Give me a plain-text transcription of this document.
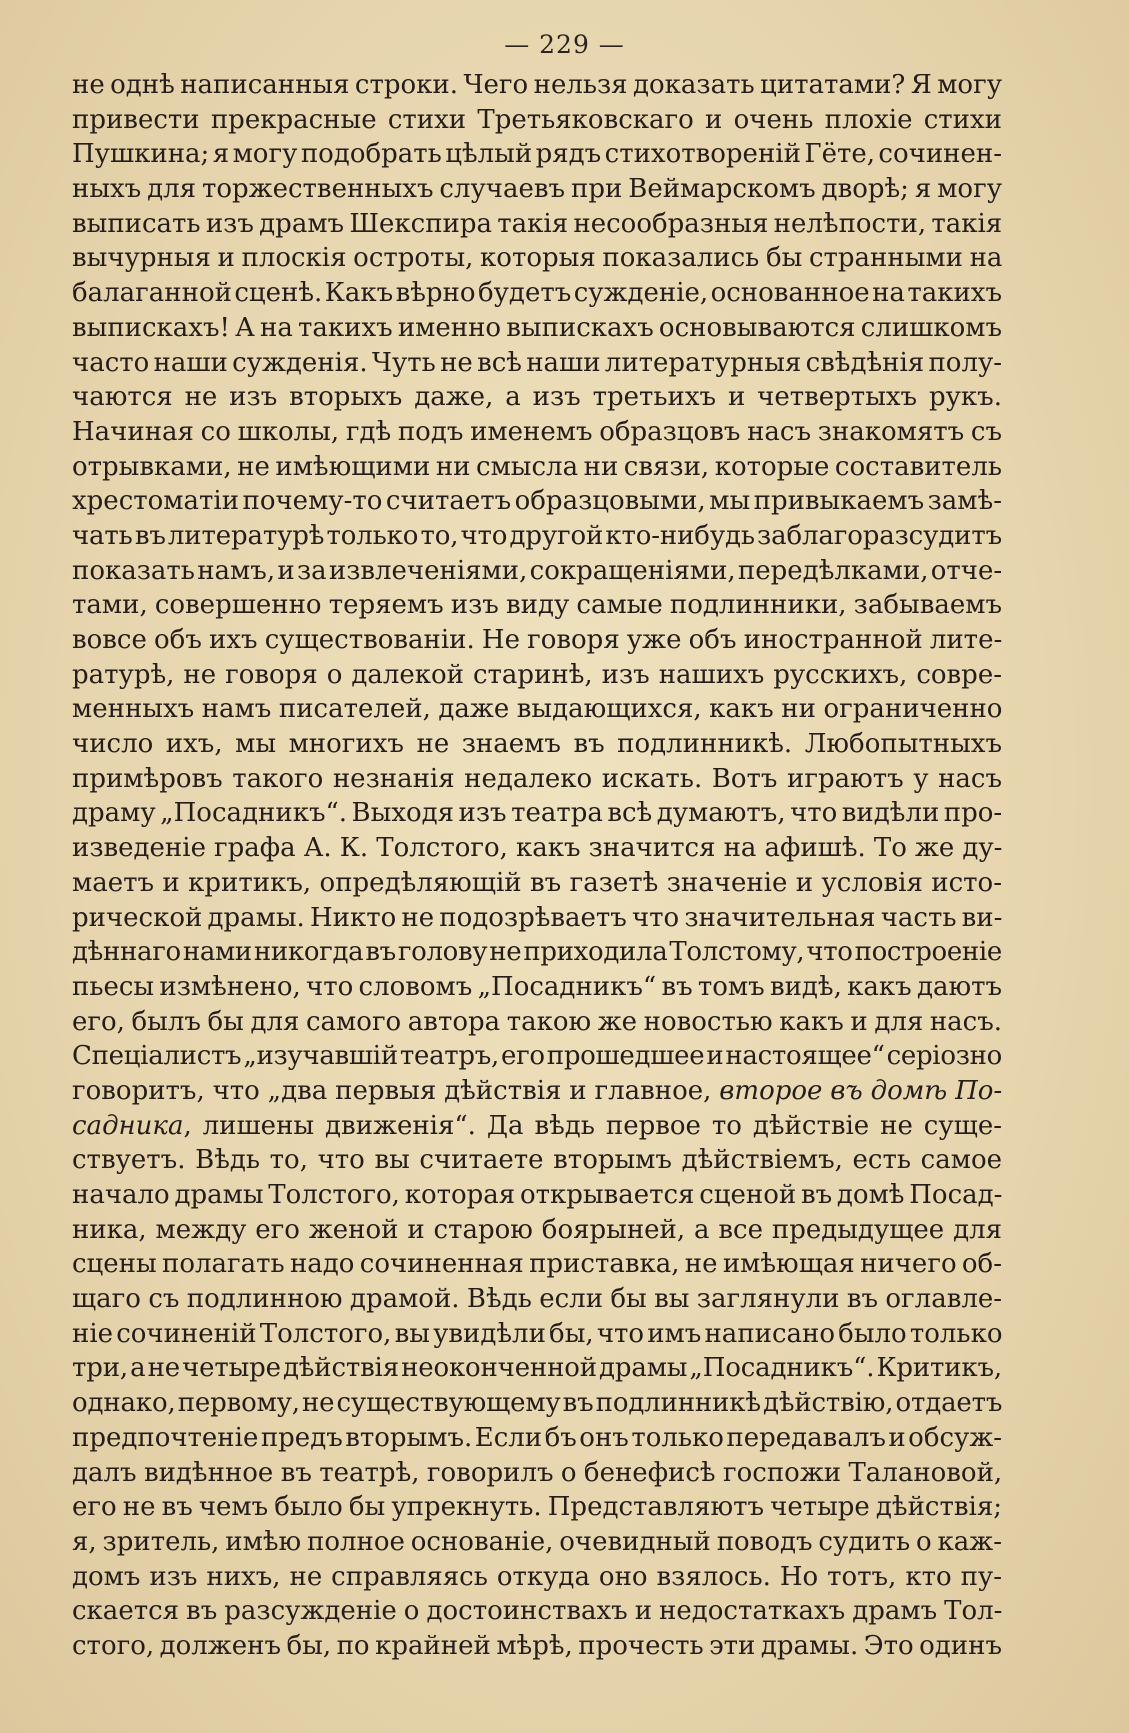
— 229 —
не однѣ написанныя строки. Чего нельзя доказать цитатами? Я могу
привести прекрасные стихи Третьяковскаго и очень плохіе стихи
Пушкина; я могу подобрать цѣлый рядъ стихотвореній Гёте, сочинен-
ныхъ для торжественныхъ случаевъ при Веймарскомъ дворѣ; я могу
выписать изъ драмъ Шекспира такія несообразныя нелѣпости, такія
вычурныя и плоскія остроты, которыя показались бы странными на
балаганной сценѣ. Какъ вѣрно будетъ сужденіе, основанное на такихъ
выпискахъ! А на такихъ именно выпискахъ основываются слишкомъ
часто наши сужденія. Чуть не всѣ наши литературныя свѣдѣнія полу-
чаются не изъ вторыхъ даже, а изъ третьихъ и четвертыхъ рукъ.
Начиная со школы, гдѣ подъ именемъ образцовъ насъ знакомятъ съ
отрывками, не имѣющими ни смысла ни связи, которые составитель
хрестоматіи почему-то считаетъ образцовыми, мы привыкаемъ замѣ-
чать въ литературѣ только то, что другой кто-нибудь заблагоразсудитъ
показать намъ, и за извлеченіями, сокращеніями, передѣлками, отче-
тами, совершенно теряемъ изъ виду самые подлинники, забываемъ
вовсе объ ихъ существованіи. Не говоря уже объ иностранной лите-
ратурѣ, не говоря о далекой старинѣ, изъ нашихъ русскихъ, совре-
менныхъ намъ писателей, даже выдающихся, какъ ни ограниченно
число ихъ, мы многихъ не знаемъ въ подлинникѣ. Любопытныхъ
примѣровъ такого незнанія недалеко искать. Вотъ играютъ у насъ
драму „Посадникъ“. Выходя изъ театра всѣ думаютъ, что видѣли про-
изведеніе графа А. К. Толстого, какъ значится на афишѣ. То же ду-
маетъ и критикъ, опредѣляющій въ газетѣ значеніе и условія исто-
рической драмы. Никто не подозрѣваетъ что значительная часть ви-
дѣннаго нами никогда въ голову не приходила Толстому, что построеніе
пьесы измѣнено, что словомъ „Посадникъ“ въ томъ видѣ, какъ даютъ
его, былъ бы для самого автора такою же новостью какъ и для насъ.
Спеціалистъ „изучавшій театръ, его прошедшее и настоящее“ серіозно
говоритъ, что „два первыя дѣйствія и главное, второе въ домѣ По-
садника, лишены движенія“. Да вѣдь первое то дѣйствіе не суще-
ствуетъ. Вѣдь то, что вы считаете вторымъ дѣйствіемъ, есть самое
начало драмы Толстого, которая открывается сценой въ домѣ Посад-
ника, между его женой и старою боярыней, а все предыдущее для
сцены полагать надо сочиненная приставка, не имѣющая ничего об-
щаго съ подлинною драмой. Вѣдь если бы вы заглянули въ оглавле-
ніе сочиненій Толстого, вы увидѣли бы, что имъ написано было только
три, а не четыре дѣйствія неоконченной драмы „Посадникъ“. Критикъ,
однако, первому, не существующему въ подлинникѣ дѣйствію, отдаетъ
предпочтеніе предъ вторымъ. Если бъ онъ только передавалъ и обсуж-
далъ видѣнное въ театрѣ, говорилъ о бенефисѣ госпожи Талановой,
его не въ чемъ было бы упрекнуть. Представляютъ четыре дѣйствія;
я, зритель, имѣю полное основаніе, очевидный поводъ судить о каж-
домъ изъ нихъ, не справляясь откуда оно взялось. Но тотъ, кто пу-
скается въ разсужденіе о достоинствахъ и недостаткахъ драмъ Тол-
стого, долженъ бы, по крайней мѣрѣ, прочесть эти драмы. Это одинъ
